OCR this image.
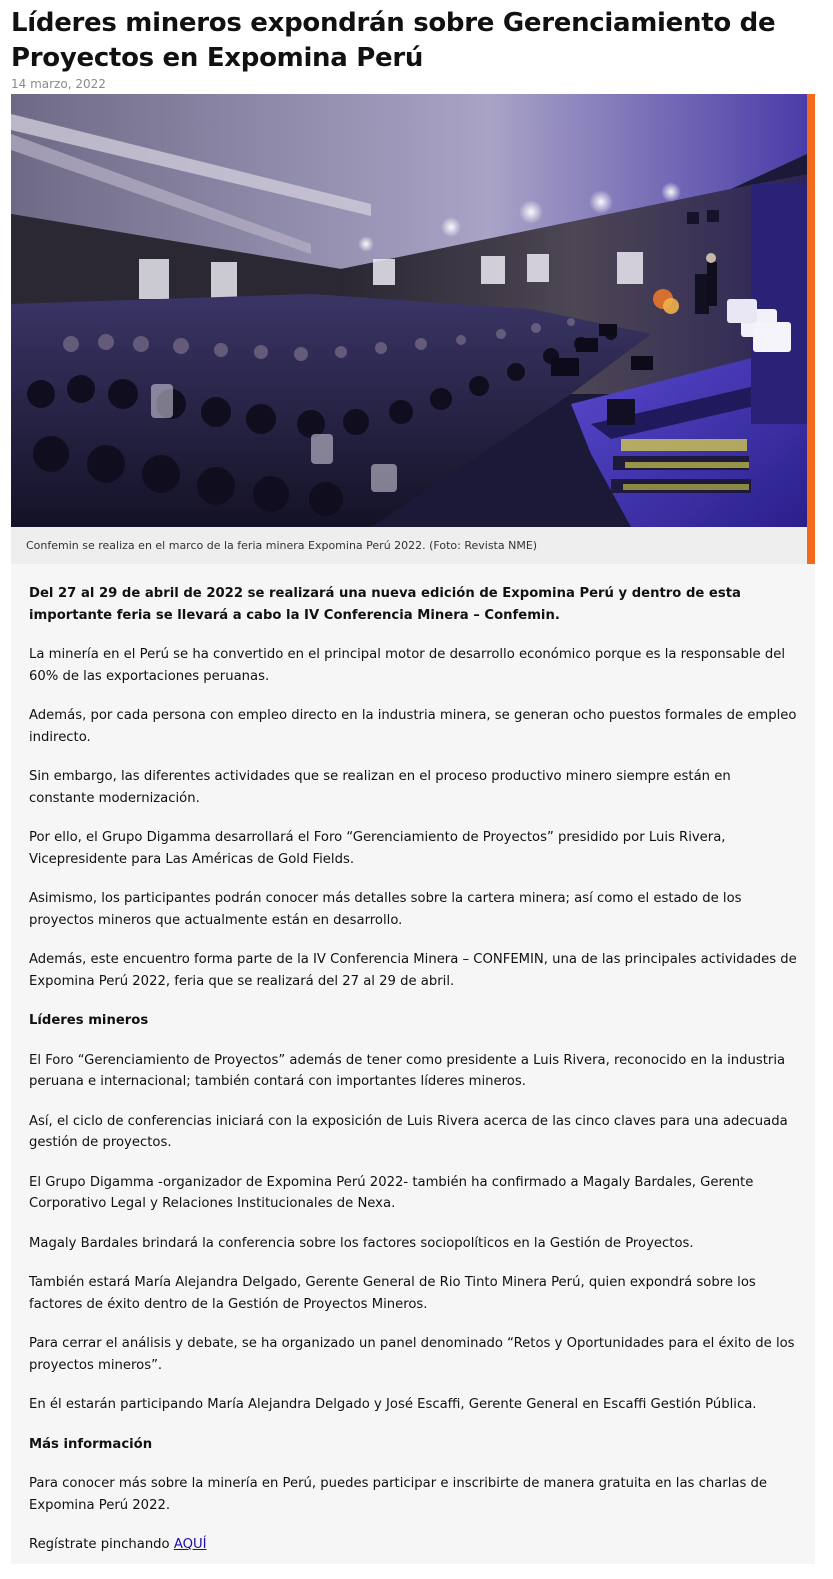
Líderes mineros expondrán sobre Gerenciamiento de Proyectos en Expomina Perú
14 marzo, 2022
Confemin se realiza en el marco de la feria minera Expomina Perú 2022. (Foto: Revista NME)

Del 27 al 29 de abril de 2022 se realizará una nueva edición de Expomina Perú y dentro de esta importante feria se llevará a cabo la IV Conferencia Minera – Confemin.

La minería en el Perú se ha convertido en el principal motor de desarrollo económico porque es la responsable del 60% de las exportaciones peruanas.

Además, por cada persona con empleo directo en la industria minera, se generan ocho puestos formales de empleo indirecto.

Sin embargo, las diferentes actividades que se realizan en el proceso productivo minero siempre están en constante modernización.

Por ello, el Grupo Digamma desarrollará el Foro “Gerenciamiento de Proyectos” presidido por Luis Rivera, Vicepresidente para Las Américas de Gold Fields.

Asimismo, los participantes podrán conocer más detalles sobre la cartera minera; así como el estado de los proyectos mineros que actualmente están en desarrollo.

Además, este encuentro forma parte de la IV Conferencia Minera – CONFEMIN, una de las principales actividades de Expomina Perú 2022, feria que se realizará del 27 al 29 de abril.

Líderes mineros

El Foro “Gerenciamiento de Proyectos” además de tener como presidente a Luis Rivera, reconocido en la industria peruana e internacional; también contará con importantes líderes mineros.

Así, el ciclo de conferencias iniciará con la exposición de Luis Rivera acerca de las cinco claves para una adecuada gestión de proyectos.

El Grupo Digamma -organizador de Expomina Perú 2022- también ha confirmado a Magaly Bardales, Gerente Corporativo Legal y Relaciones Institucionales de Nexa.

Magaly Bardales brindará la conferencia sobre los factores sociopolíticos en la Gestión de Proyectos.

También estará María Alejandra Delgado, Gerente General de Rio Tinto Minera Perú, quien expondrá sobre los factores de éxito dentro de la Gestión de Proyectos Mineros.

Para cerrar el análisis y debate, se ha organizado un panel denominado “Retos y Oportunidades para el éxito de los proyectos mineros”.

En él estarán participando María Alejandra Delgado y José Escaffi, Gerente General en Escaffi Gestión Pública.

Más información

Para conocer más sobre la minería en Perú, puedes participar e inscribirte de manera gratuita en las charlas de Expomina Perú 2022.

Regístrate pinchando AQUÍ
